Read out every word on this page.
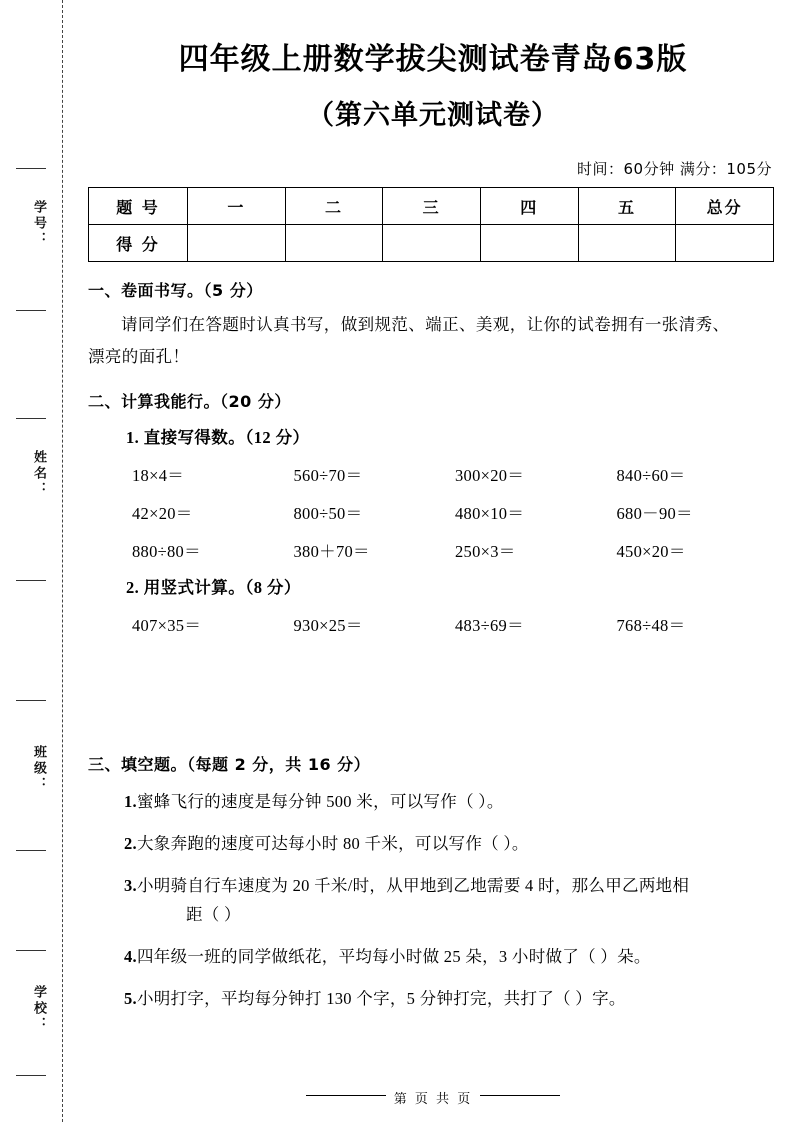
学号：
姓名：
班级：
学校：
四年级上册数学拔尖测试卷青岛63版
（第六单元测试卷）
时间：60分钟 满分：105分
题 号	一	二	三	四	五	总分
得 分						
一、卷面书写。（5 分）
请同学们在答题时认真书写，做到规范、端正、美观，让你的试卷拥有一张清秀、
漂亮的面孔！
二、计算我能行。（20 分）
1. 直接写得数。（12 分）
18×4＝	560÷70＝	300×20＝	840÷60＝
42×20＝	800÷50＝	480×10＝	680－90＝
880÷80＝	380＋70＝	250×3＝	450×20＝
2. 用竖式计算。（8 分）
407×35＝	930×25＝	483÷69＝	768÷48＝
三、填空题。（每题 2 分，共 16 分）
1.蜜蜂飞行的速度是每分钟 500 米，可以写作（ ）。
2.大象奔跑的速度可达每小时 80 千米，可以写作（ ）。
3.小明骑自行车速度为 20 千米/时，从甲地到乙地需要 4 时，那么甲乙两地相
距（ ）
4.四年级一班的同学做纸花，平均每小时做 25 朵，3 小时做了（ ）朵。
5.小明打字，平均每分钟打 130 个字，5 分钟打完，共打了（ ）字。
第 页 共 页
